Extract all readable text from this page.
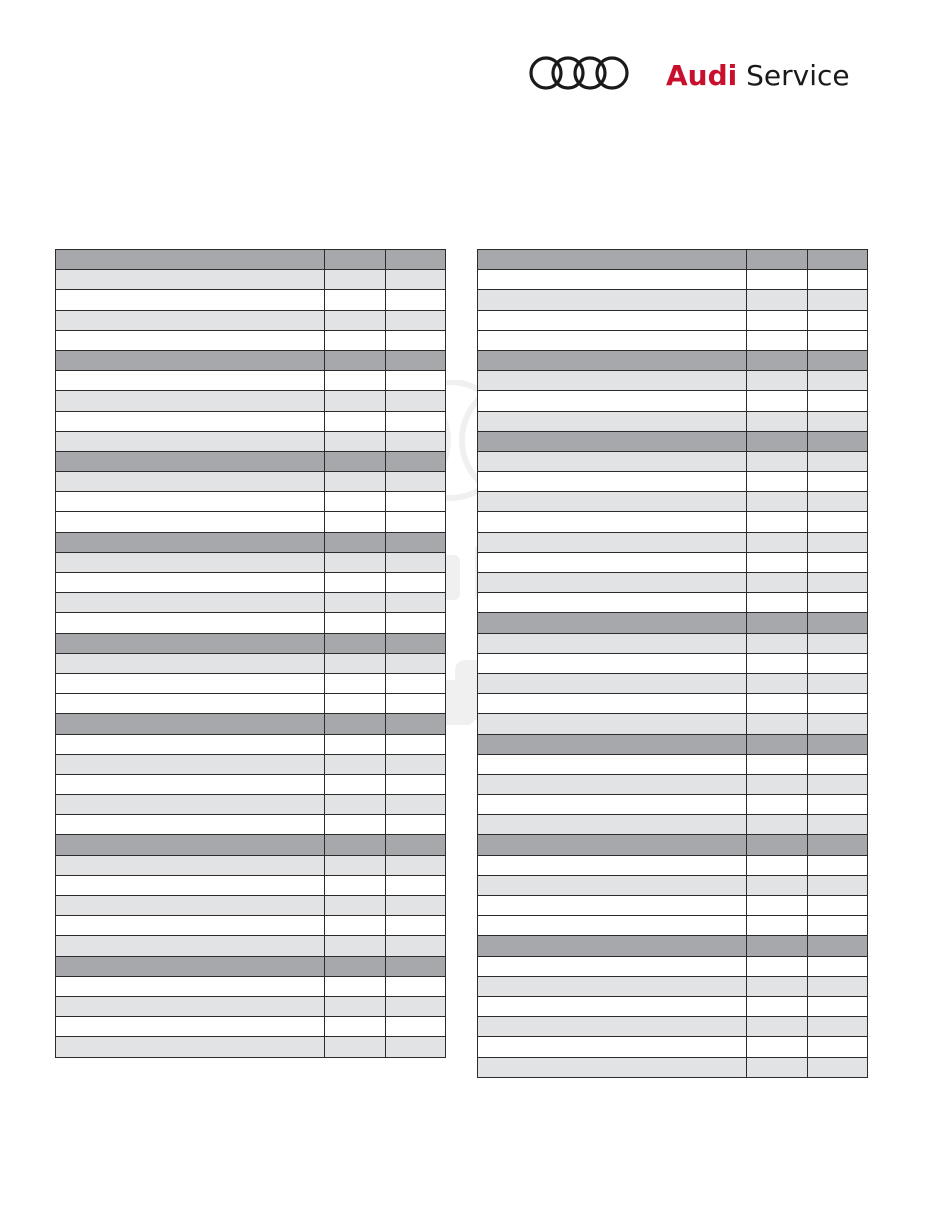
Audi Service
